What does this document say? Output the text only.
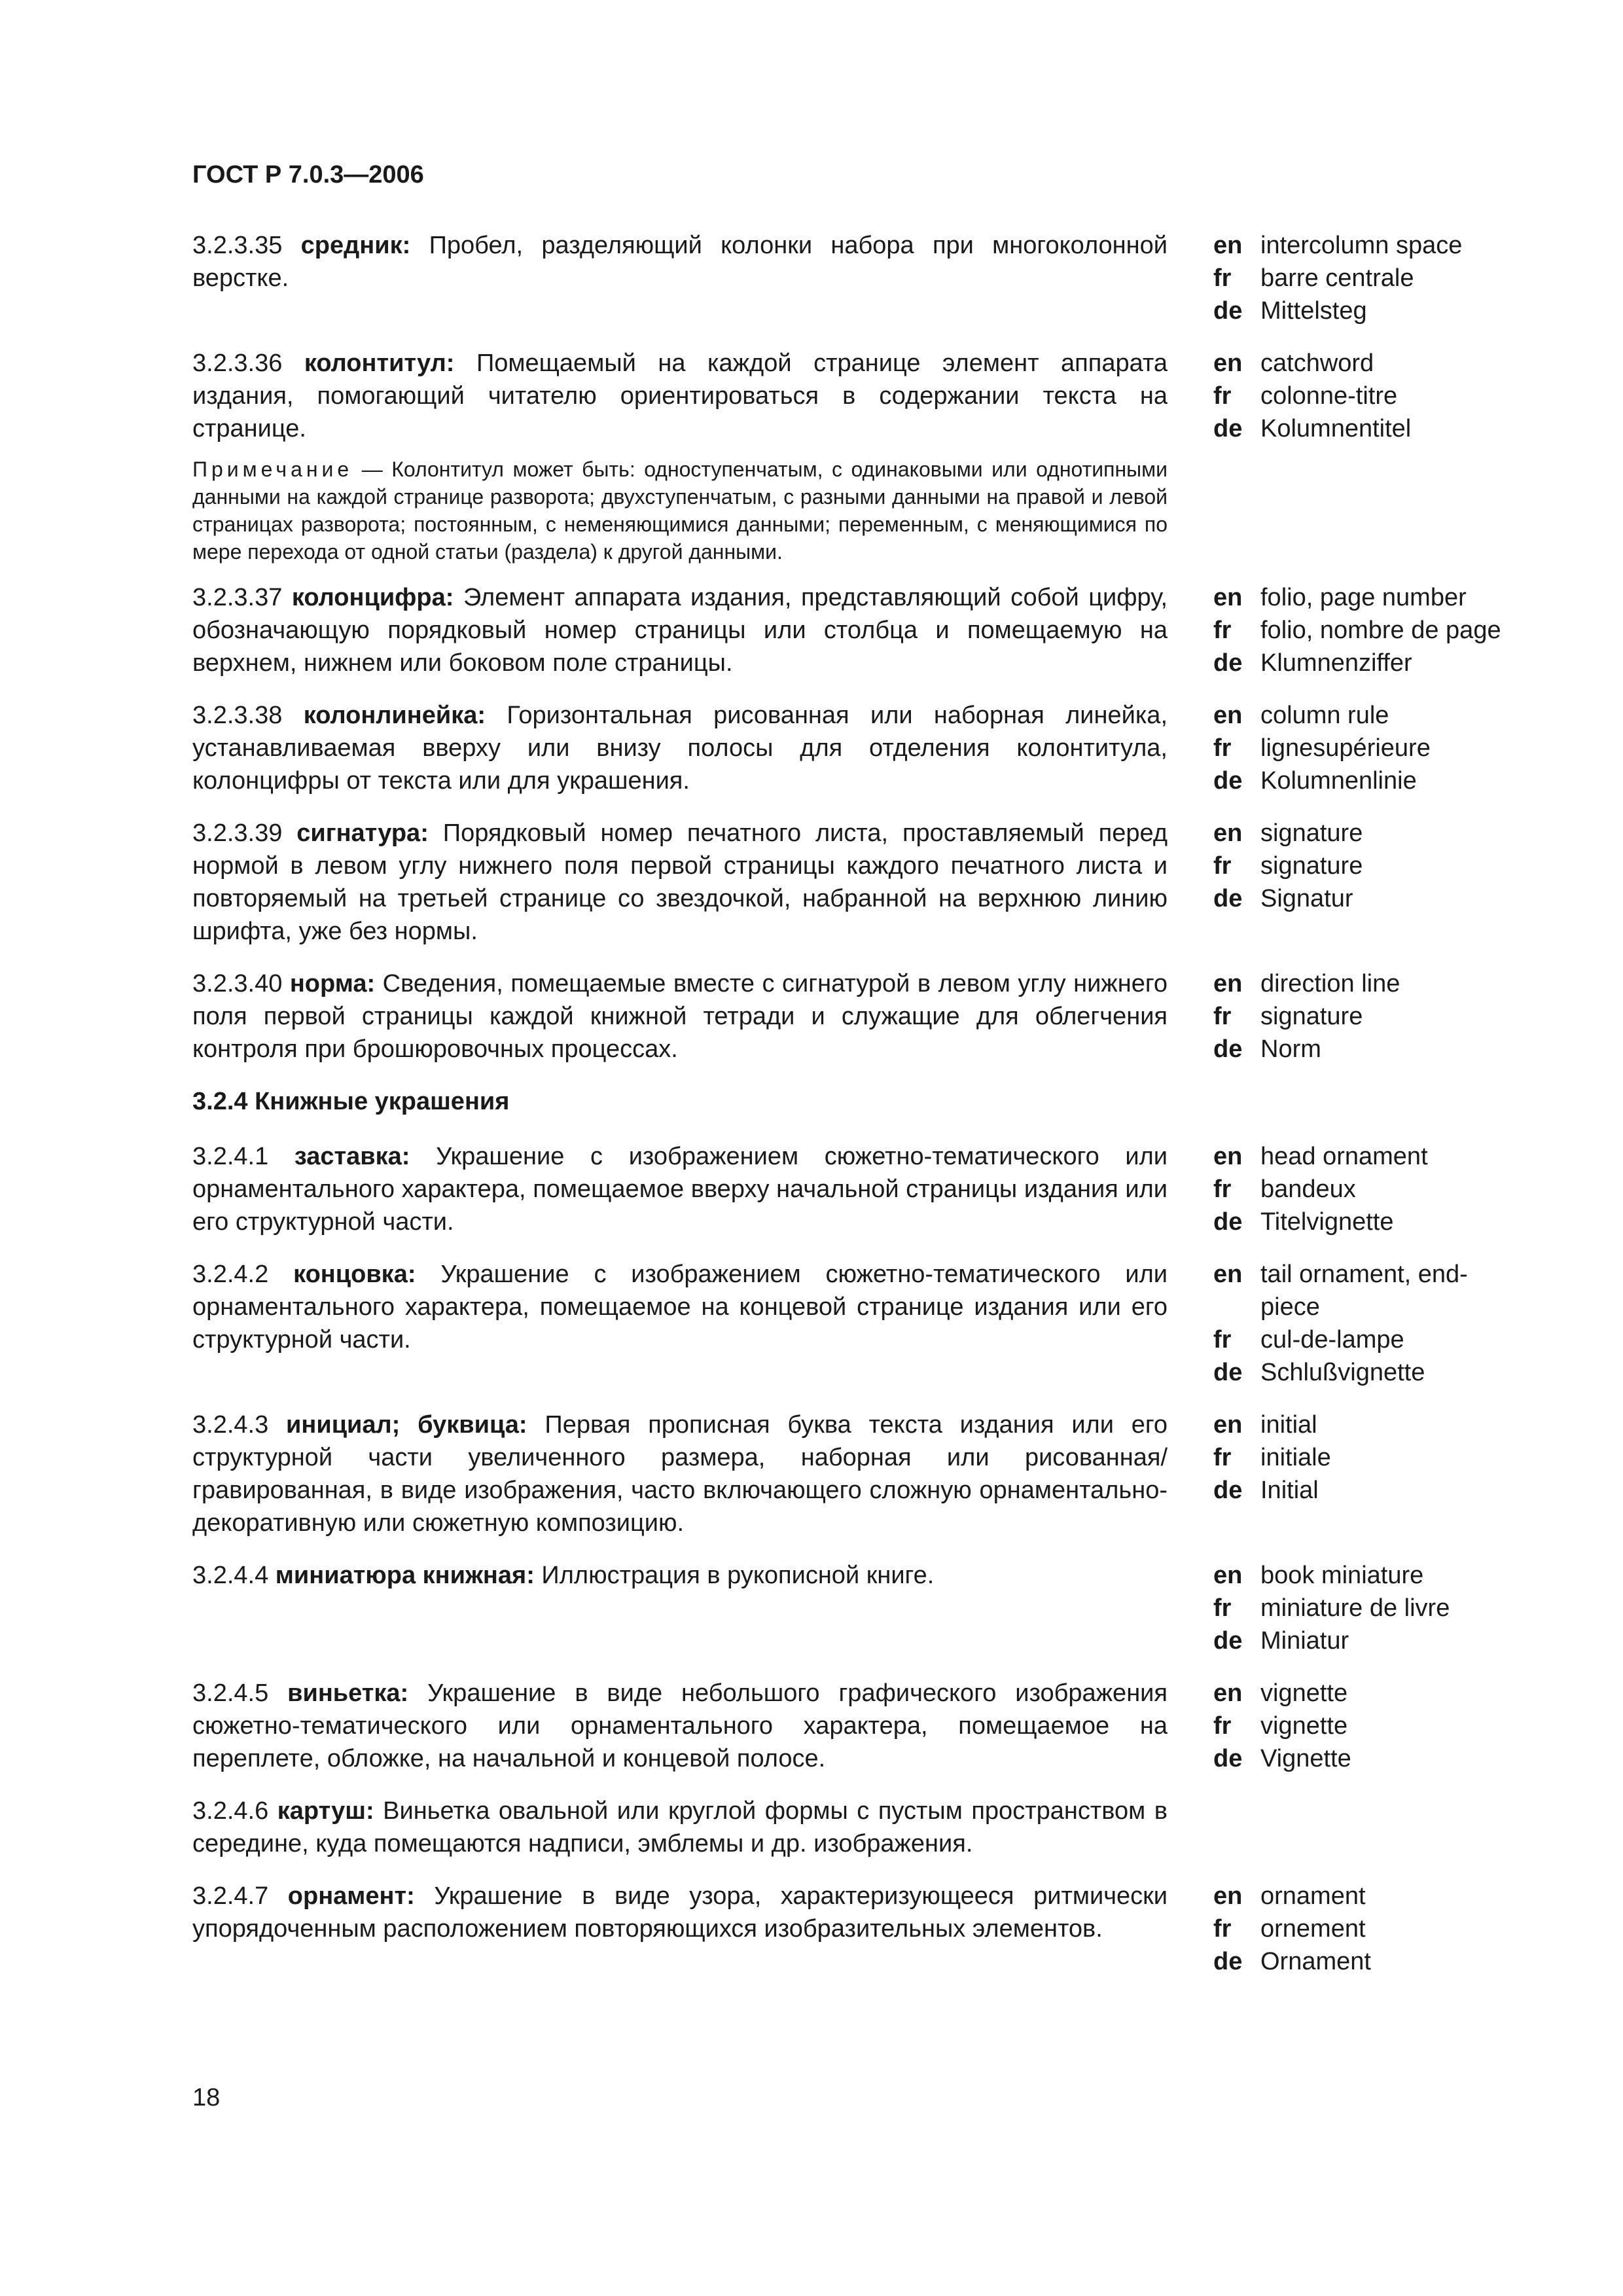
ГОСТ Р 7.0.3—2006
3.2.3.35 средник: Пробел, разделяющий колонки набора при многоколонной верстке.
en intercolumn space
fr	barre centrale
de Mittelsteg
3.2.3.36 колонтитул: Помещаемый на каждой странице элемент аппарата издания, помогающий читателю ориентироваться в содержании текста на странице.
en catchword
fr	colonne-titre
de Kolumnentitel
Примечание — Колонтитул может быть: одноступенчатым, с одинаковыми или однотипными данными на каждой странице разворота; двухступенчатым, с разными данными на правой и левой страницах разворота; постоянным, с неменяющимися данными; переменным, с меняющимися по мере перехода от одной статьи (раздела) к другой данными.
3.2.3.37 колонцифра: Элемент аппарата издания, представляющий собой цифру, обозначающую порядковый номер страницы или столбца и помещаемую на верхнем, нижнем или боковом поле страницы.
en folio, page number
fr	folio, nombre de page
de Klumnenziffer
3.2.3.38 колонлинейка: Горизонтальная рисованная или наборная линейка, устанавливаемая вверху или внизу полосы для отделения колонтитула, колонцифры от текста или для украшения.
en column rule
fr	lignesupérieure
de Kolumnenlinie
3.2.3.39 сигнатура: Порядковый номер печатного листа, проставляемый перед нормой в левом углу нижнего поля первой страницы каждого печатного листа и повторяемый на третьей странице со звездочкой, набранной на верхнюю линию шрифта, уже без нормы.
en signature
fr	signature
de Signatur
3.2.3.40 норма: Сведения, помещаемые вместе с сигнатурой в левом углу нижнего поля первой страницы каждой книжной тетради и служащие для облегчения контроля при брошюровочных процессах.
en direction line
fr	signature
de Norm
3.2.4 Книжные украшения
3.2.4.1 заставка: Украшение с изображением сюжетно-тематического или орнаментального характера, помещаемое вверху начальной страницы издания или его структурной части.
en head ornament
fr	bandeux
de Titelvignette
3.2.4.2 концовка: Украшение с изображением сюжетно-тематического или орнаментального характера, помещаемое на концевой странице издания или его структурной части.
en tail ornament, end-piece
fr	cul-de-lampe
de Schlußvignette
3.2.4.3 инициал; буквица: Первая прописная буква текста издания или его структурной части увеличенного размера, наборная или рисованная/гравированная, в виде изображения, часто включающего сложную орнаментально-декоративную или сюжетную композицию.
en initial
fr	initiale
de Initial
3.2.4.4 миниатюра книжная: Иллюстрация в рукописной книге.	en book miniature
fr	miniature de livre
de Miniatur
3.2.4.5 виньетка: Украшение в виде небольшого графического изображения сюжетно-тематического или орнаментального характера, помещаемое на переплете, обложке, на начальной и концевой полосе.
en vignette
fr	vignette
de Vignette
3.2.4.6 картуш: Виньетка овальной или круглой формы с пустым пространством в середине, куда помещаются надписи, эмблемы и др. изображения.
3.2.4.7 орнамент: Украшение в виде узора, характеризующееся ритмически упорядоченным расположением повторяющихся изобразительных элементов.
en ornament
fr	ornement
de Ornament
18
